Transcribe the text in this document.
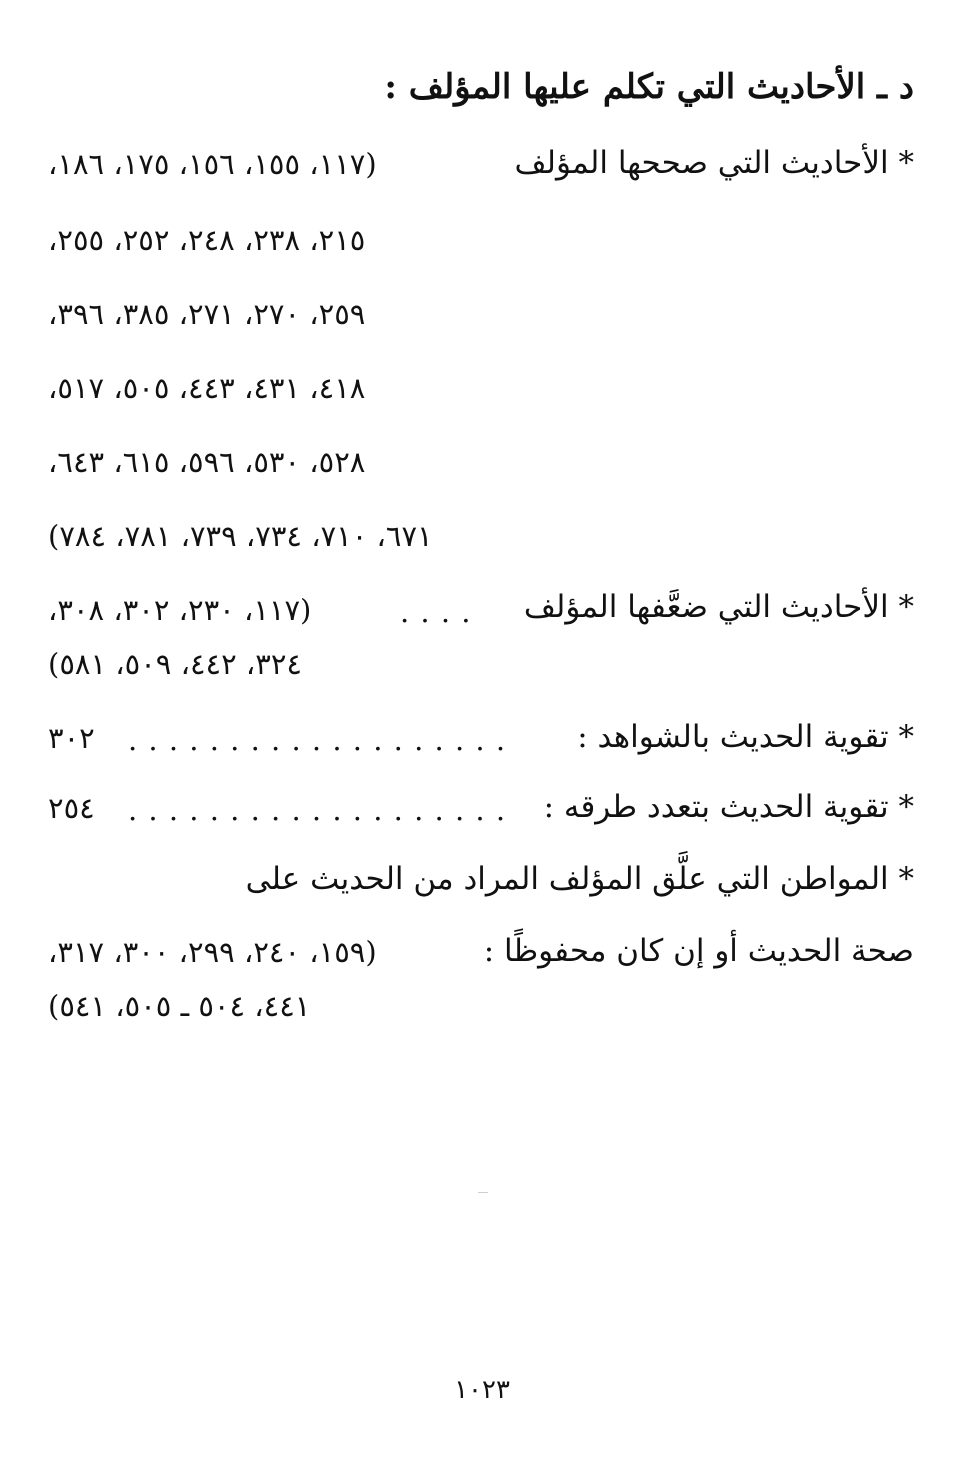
د ـ الأحاديث التي تكلم عليها المؤلف :
* الأحاديث التي صححها المؤلف
(١١٧، ١٥٥، ١٥٦، ١٧٥، ١٨٦،
٢١٥، ٢٣٨، ٢٤٨، ٢٥٢، ٢٥٥،
٢٥٩، ٢٧٠، ٢٧١، ٣٨٥، ٣٩٦،
٤١٨، ٤٣١، ٤٤٣، ٥٠٥، ٥١٧،
٥٢٨، ٥٣٠، ٥٩٦، ٦١٥، ٦٤٣،
٦٧١، ٧١٠، ٧٣٤، ٧٣٩، ٧٨١، ٧٨٤)
* الأحاديث التي ضعَّفها المؤلف
. . . .
(١١٧، ٢٣٠، ٣٠٢، ٣٠٨،
٣٢٤، ٤٤٢، ٥٠٩، ٥٨١)
* تقوية الحديث بالشواهد :
. . . . . . . . . . . . . . . . . . .
٣٠٢
* تقوية الحديث بتعدد طرقه :
. . . . . . . . . . . . . . . . . . .
٢٥٤
* المواطن التي علَّق المؤلف المراد من الحديث على
صحة الحديث أو إن كان محفوظًا :
(١٥٩، ٢٤٠، ٢٩٩، ٣٠٠، ٣١٧،
٤٤١، ٥٠٤ ـ ٥٠٥، ٥٤١)
١٠٢٣
